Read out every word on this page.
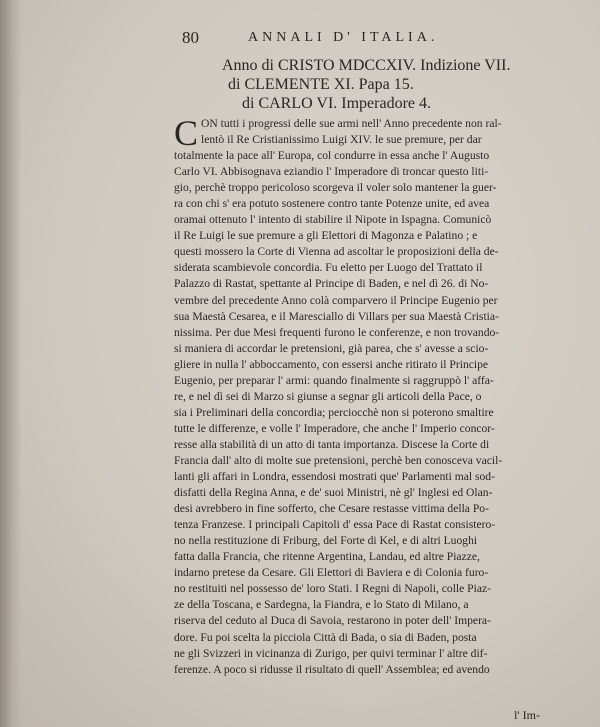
80	ANNALI D' ITALIA.
Anno di CRISTO MDCCXIV. Indizione VII.
di CLEMENTE XI. Papa 15.
di CARLO VI. Imperadore 4.
C ON tutti i progressi delle sue armi nell' Anno precedente non ral-
lentò il Re Cristianissimo Luigi XIV. le sue premure, per dar
totalmente la pace all' Europa, col condurre in essa anche l' Augusto
Carlo VI. Abbisognava eziandio l' Imperadore di troncar questo liti-
gio, perchè troppo pericoloso scorgeva il voler solo mantener la guer-
ra con chi s' era potuto sostenere contro tante Potenze unite, ed avea
oramai ottenuto l' intento di stabilire il Nipote in Ispagna. Comunicò
il Re Luigi le sue premure a gli Elettori di Magonza e Palatino ; e
questi mossero la Corte di Vienna ad ascoltar le proposizioni della de-
siderata scambievole concordia. Fu eletto per Luogo del Trattato il
Palazzo di Rastat, spettante al Principe di Baden, e nel dì 26. di No-
vembre del precedente Anno colà comparvero il Principe Eugenio per
sua Maestà Cesarea, e il Maresciallo di Villars per sua Maestà Cristia-
nissima. Per due Mesi frequenti furono le conferenze, e non trovando-
si maniera di accordar le pretensioni, già parea, che s' avesse a scio-
gliere in nulla l' abboccamento, con essersi anche ritirato il Principe
Eugenio, per preparar l' armi: quando finalmente si raggruppò l' affa-
re, e nel dì sei di Marzo si giunse a segnar gli articoli della Pace, o
sia i Preliminari della concordia; perciocchè non si poterono smaltire
tutte le differenze, e volle l' Imperadore, che anche l' Imperio concor-
resse alla stabilità di un atto di tanta importanza. Discese la Corte di
Francia dall' alto di molte sue pretensioni, perchè ben conosceva vacil-
lanti gli affari in Londra, essendosi mostrati que' Parlamenti mal sod-
disfatti della Regina Anna, e de' suoi Ministri, nè gl' Inglesi ed Olan-
desi avrebbero in fine sofferto, che Cesare restasse vittima della Po-
tenza Franzese. I principali Capitoli d' essa Pace di Rastat consistero-
no nella restituzione di Friburg, del Forte di Kel, e di altri Luoghi
fatta dalla Francia, che ritenne Argentina, Landau, ed altre Piazze,
indarno pretese da Cesare. Gli Elettori di Baviera e di Colonia furo-
no restituiti nel possesso de' loro Stati. I Regni di Napoli, colle Piaz-
ze della Toscana, e Sardegna, la Fiandra, e lo Stato di Milano, a
riserva del ceduto al Duca di Savoia, restarono in poter dell' Impera-
dore. Fu poi scelta la picciola Città di Bada, o sia di Baden, posta
ne gli Svizzeri in vicinanza di Zurigo, per quivi terminar l' altre dif-
ferenze. A poco si ridusse il risultato di quell' Assemblea; ed avendo
l' Im-
